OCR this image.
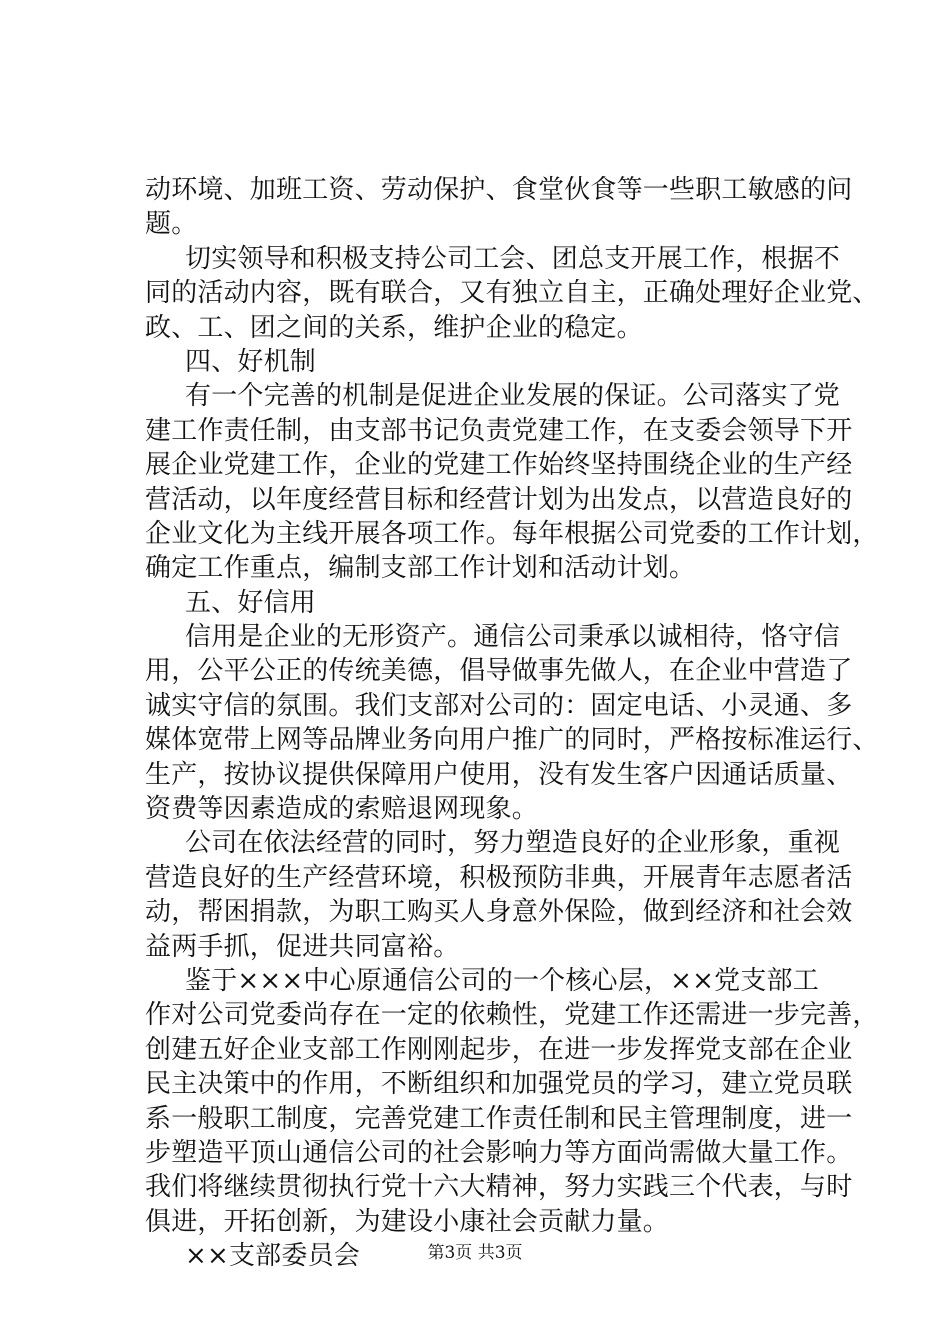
动环境、加班工资、劳动保护、食堂伙食等一些职工敏感的问
题。
切实领导和积极支持公司工会、团总支开展工作，根据不
同的活动内容，既有联合，又有独立自主，正确处理好企业党、
政、工、团之间的关系，维护企业的稳定。
四、好机制
有一个完善的机制是促进企业发展的保证。公司落实了党
建工作责任制，由支部书记负责党建工作，在支委会领导下开
展企业党建工作，企业的党建工作始终坚持围绕企业的生产经
营活动，以年度经营目标和经营计划为出发点，以营造良好的
企业文化为主线开展各项工作。每年根据公司党委的工作计划，
确定工作重点，编制支部工作计划和活动计划。
五、好信用
信用是企业的无形资产。通信公司秉承以诚相待，恪守信
用，公平公正的传统美德，倡导做事先做人，在企业中营造了
诚实守信的氛围。我们支部对公司的：固定电话、小灵通、多
媒体宽带上网等品牌业务向用户推广的同时，严格按标准运行、
生产，按协议提供保障用户使用，没有发生客户因通话质量、
资费等因素造成的索赔退网现象。
公司在依法经营的同时，努力塑造良好的企业形象，重视
营造良好的生产经营环境，积极预防非典，开展青年志愿者活
动，帮困捐款，为职工购买人身意外保险，做到经济和社会效
益两手抓，促进共同富裕。
鉴于×××中心原通信公司的一个核心层，××党支部工
作对公司党委尚存在一定的依赖性，党建工作还需进一步完善，
创建五好企业支部工作刚刚起步，在进一步发挥党支部在企业
民主决策中的作用，不断组织和加强党员的学习，建立党员联
系一般职工制度，完善党建工作责任制和民主管理制度，进一
步塑造平顶山通信公司的社会影响力等方面尚需做大量工作。
我们将继续贯彻执行党十六大精神，努力实践三个代表，与时
俱进，开拓创新，为建设小康社会贡献力量。
××支部委员会	第3页 共3页
